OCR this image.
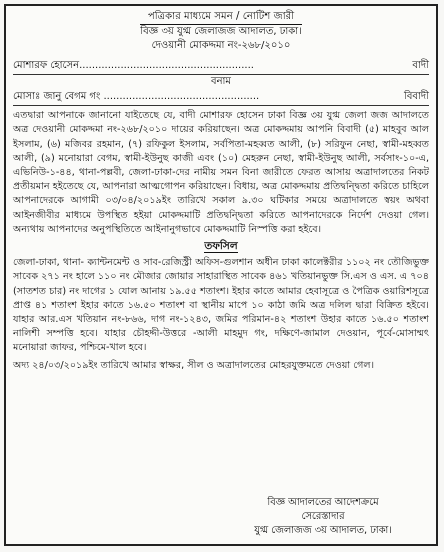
পত্রিকার মাধ্যমে সমন / নোটিশ জারী
বিজ্ঞ ৩য় যুগ্ম জেলাজজ আদালত, ঢাকা।
দেওয়ানী মোকদ্দমা নং-২৬৮/২০১০
মোশারফ হোসেন.......................................................	বাদী
বনাম
মোসাঃ জানু বেগম গং .................................................	বিবাদী
এতদ্বারা আপনাকে জানানো যাইতেছে যে, বাদী মোশারফ হোসেন ঢাকা বিজ্ঞ ৩য় যুগ্ম জেলা জজ আদালতে অত্র দেওয়ানী মোকদ্দমা নং-২৬৮/২০১০ দায়ের করিয়াছেন। অত্র মোকদ্দমায় আপনি বিবাদী (৫) মাহবুব আল ইসলাম, (৬) মজিবর রহমান, (৭) রফিকুল ইসলাম, সর্বপিতা-মহব্বত আলী, (৮) সরিফুন নেছা, স্বামী-মহব্বত আলী, (৯) মনোয়ারা বেগম, স্বামী-ইউনুছ কাজী এবং (১০) মেহরুন নেছা, স্বামী-ইউনুছ আলী, সর্বসাং-১০-এ, এভিনিউ-১-৪৪, থানা-পল্লবী, জেলা-ঢাকা-দের নামীয় সমন বিনা জারীতে ফেরত আসায় অত্রাদালতের নিকট প্রতীয়মান হইতেছে যে, আপনারা আত্মগোপন করিয়াছেন। বিধায়, অত্র মোকদ্দমায় প্রতিদ্বন্দ্বিতা করিতে চাহিলে আপনাদেরকে আগামী ০৩/০৪/২০১৯ইং তারিখে সকাল ৯.৩০ ঘটিকার সময়ে অত্রাদালতে স্বয়ং অথবা আইনজীবীর মাধ্যমে উপস্থিত হইয়া মোকদ্দমাটি প্রতিদ্বন্দ্বিতা করিতে আপনাদেরকে নির্দেশ দেওয়া গেল। অন্যথায় আপনাদের অনুপস্থিতিতে আইনানুগভাবে মোকদ্দমাটি নিস্পত্তি করা হইবে।
তফসিল
জেলা-ঢাকা, থানা- ক্যান্টনমেন্ট ও সাব-রেজিস্ট্রী অফিস-গুলশান অধীন ঢাকা কালেক্টরীর ১১০২ নং তৌজিভুক্ত সাবেক ২৭১ নং হালে ১১০ নং মৌজার জোয়ার সাহারাস্থিত সাবেক ৪৬১ খতিয়ানভুক্ত সি.এস ও এস. এ ৭০৪ (সাতশত চার) নং দাগের ১ যোল আনায় ১৯.৫৫ শতাংশ। ইহার কাতে আমার হেবাসূত্রে ও পৈত্রিক ওয়ারিশসূত্রে প্রাপ্ত ৪১ শতাংশ ইহার কাতে ১৬.৫০ শতাংশ বা স্থানীয় মাপে ১০ কাঠা জমি অত্র দলিল দ্বারা বিক্রিত হইবে। যাহার আর.এস খতিয়ান নং-৮৬৬, দাগ নং-১২৪৩, জমির পরিমান-৪২ শতাংশ উহার কাতে ১৬.৫০ শতাংশ নালিশী সম্পত্তি হবে। যাহার চৌহদ্দী-উত্তরে -আলী মাহমুদ গং, দক্ষিণে-জামাল দেওয়ান, পূর্বে-মোসাম্মৎ মনোয়ারা জাফর, পশ্চিমে-খাল হবে।
অদ্য ২৪/০৩/২০১৯ইং তারিখে আমার স্বাক্ষর, সীল ও অত্রাদালতের মোহরযুক্তমতে দেওয়া গেল।
বিজ্ঞ আদালতের আদেশক্রমে
সেরেস্তাদার
যুগ্ম জেলাজজ ৩য় আদালত, ঢাকা।
